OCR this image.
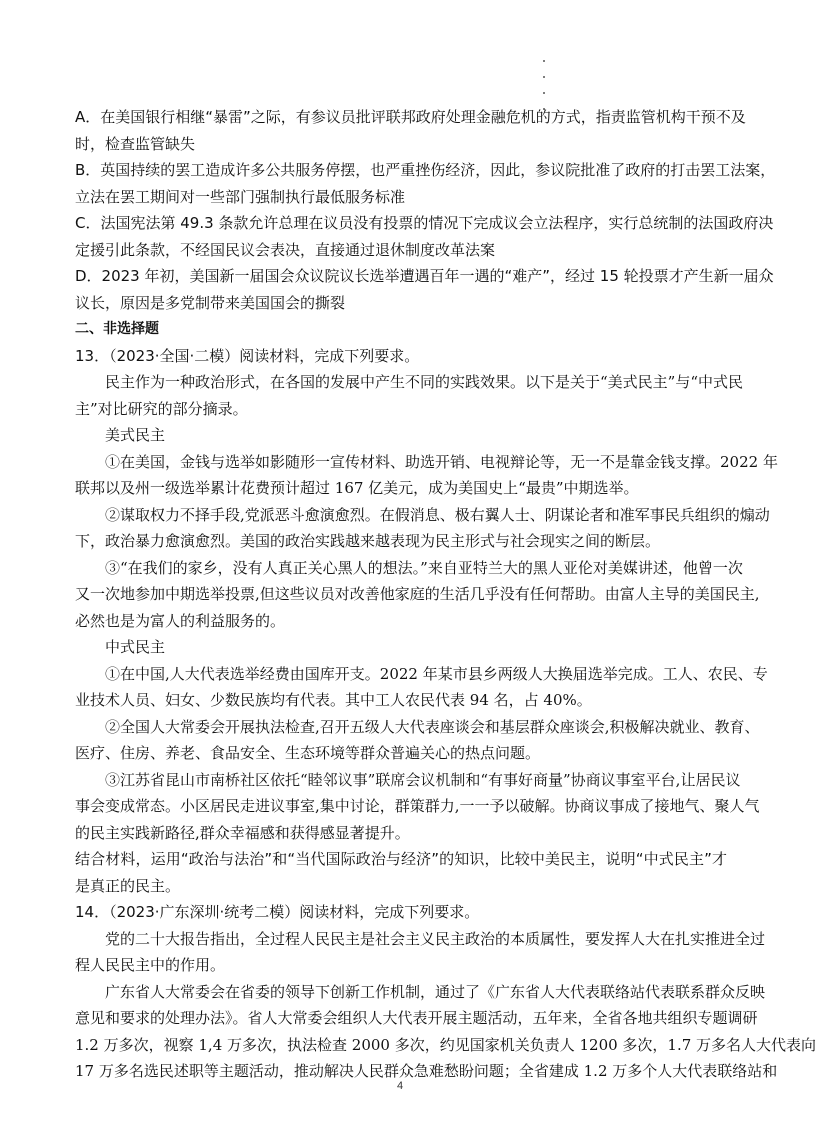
A．在美国银行相继“暴雷”之际，有参议员批评联邦政府处理金融危机的方式，指责监管机构干预不及
时，检查监管缺失
B．英国持续的罢工造成许多公共服务停摆，也严重挫伤经济，因此，参议院批准了政府的打击罢工法案，
立法在罢工期间对一些部门强制执行最低服务标准
C．法国宪法第 49.3 条款允许总理在议员没有投票的情况下完成议会立法程序，实行总统制的法国政府决
定援引此条款，不经国民议会表决，直接通过退休制度改革法案
D．2023 年初，美国新一届国会众议院议长选举遭遇百年一遇的“难产”，经过 15 轮投票才产生新一届众
议长，原因是多党制带来美国国会的撕裂
二、非选择题
13．（2023·全国·二模）阅读材料，完成下列要求。
民主作为一种政治形式，在各国的发展中产生不同的实践效果。以下是关于“美式民主”与“中式民
主”对比研究的部分摘录。
美式民主
①在美国，金钱与选举如影随形一宣传材料、助选开销、电视辩论等，无一不是靠金钱支撑。2022 年
联邦以及州一级选举累计花费预计超过 167 亿美元，成为美国史上“最贵”中期选举。
②谋取权力不择手段,党派恶斗愈演愈烈。在假消息、极右翼人士、阴谋论者和准军事民兵组织的煽动
下，政治暴力愈演愈烈。美国的政治实践越来越表现为民主形式与社会现实之间的断层。
③“在我们的家乡，没有人真正关心黑人的想法。”来自亚特兰大的黑人亚伦对美媒讲述，他曾一次
又一次地参加中期选举投票,但这些议员对改善他家庭的生活几乎没有任何帮助。由富人主导的美国民主,
必然也是为富人的利益服务的。
中式民主
①在中国,人大代表选举经费由国库开支。2022 年某市县乡两级人大换届选举完成。工人、农民、专
业技术人员、妇女、少数民族均有代表。其中工人农民代表 94 名，占 40%。
②全国人大常委会开展执法检查,召开五级人大代表座谈会和基层群众座谈会,积极解决就业、教育、
医疗、住房、养老、食品安全、生态环境等群众普遍关心的热点问题。
③江苏省昆山市南桥社区依托“睦邻议事”联席会议机制和“有事好商量”协商议事室平台,让居民议
事会变成常态。小区居民走进议事室,集中讨论，群策群力,一一予以破解。协商议事成了接地气、聚人气
的民主实践新路径,群众幸福感和获得感显著提升。
结合材料，运用“政治与法治”和“当代国际政治与经济”的知识，比较中美民主，说明“中式民主”才
是真正的民主。
14．（2023·广东深圳·统考二模）阅读材料，完成下列要求。
党的二十大报告指出，全过程人民民主是社会主义民主政治的本质属性，要发挥人大在扎实推进全过
程人民民主中的作用。
广东省人大常委会在省委的领导下创新工作机制，通过了《广东省人大代表联络站代表联系群众反映
意见和要求的处理办法》。省人大常委会组织人大代表开展主题活动，五年来，全省各地共组织专题调研
1.2 万多次，视察 1,4 万多次，执法检查 2000 多次，约见国家机关负责人 1200 多次，1.7 万多名人大代表向
17 万多名选民述职等主题活动，推动解决人民群众急难愁盼问题；全省建成 1.2 万多个人大代表联络站和
4
